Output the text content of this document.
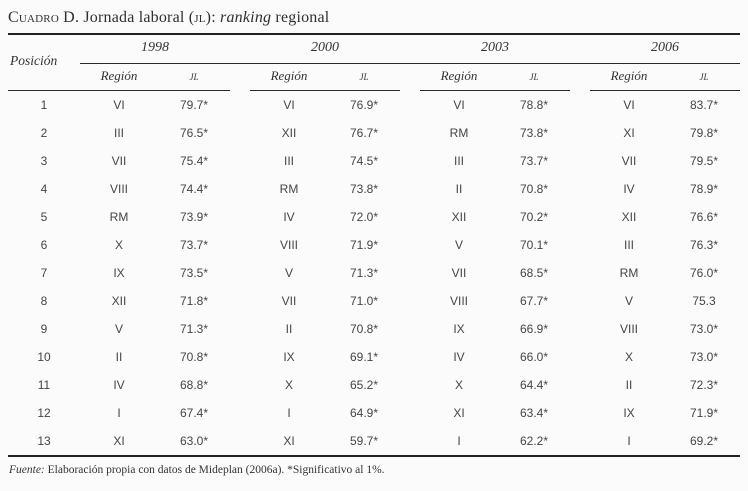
Cuadro D. Jornada laboral (jl): ranking regional
Posición	1998			2000			2003			2006	
	Región	jl		Región	jl		Región	jl		Región	jl
1	VI	79.7*		VI	76.9*		VI	78.8*		VI	83.7*
2	III	76.5*		XII	76.7*		RM	73.8*		XI	79.8*
3	VII	75.4*		III	74.5*		III	73.7*		VII	79.5*
4	VIII	74.4*		RM	73.8*		II	70.8*		IV	78.9*
5	RM	73.9*		IV	72.0*		XII	70.2*		XII	76.6*
6	X	73.7*		VIII	71.9*		V	70.1*		III	76.3*
7	IX	73.5*		V	71.3*		VII	68.5*		RM	76.0*
8	XII	71.8*		VII	71.0*		VIII	67.7*		V	75.3
9	V	71.3*		II	70.8*		IX	66.9*		VIII	73.0*
10	II	70.8*		IX	69.1*		IV	66.0*		X	73.0*
11	IV	68.8*		X	65.2*		X	64.4*		II	72.3*
12	I	67.4*		I	64.9*		XI	63.4*		IX	71.9*
13	XI	63.0*		XI	59.7*		I	62.2*		I	69.2*
Fuente: Elaboración propia con datos de Mideplan (2006a). *Significativo al 1%.
